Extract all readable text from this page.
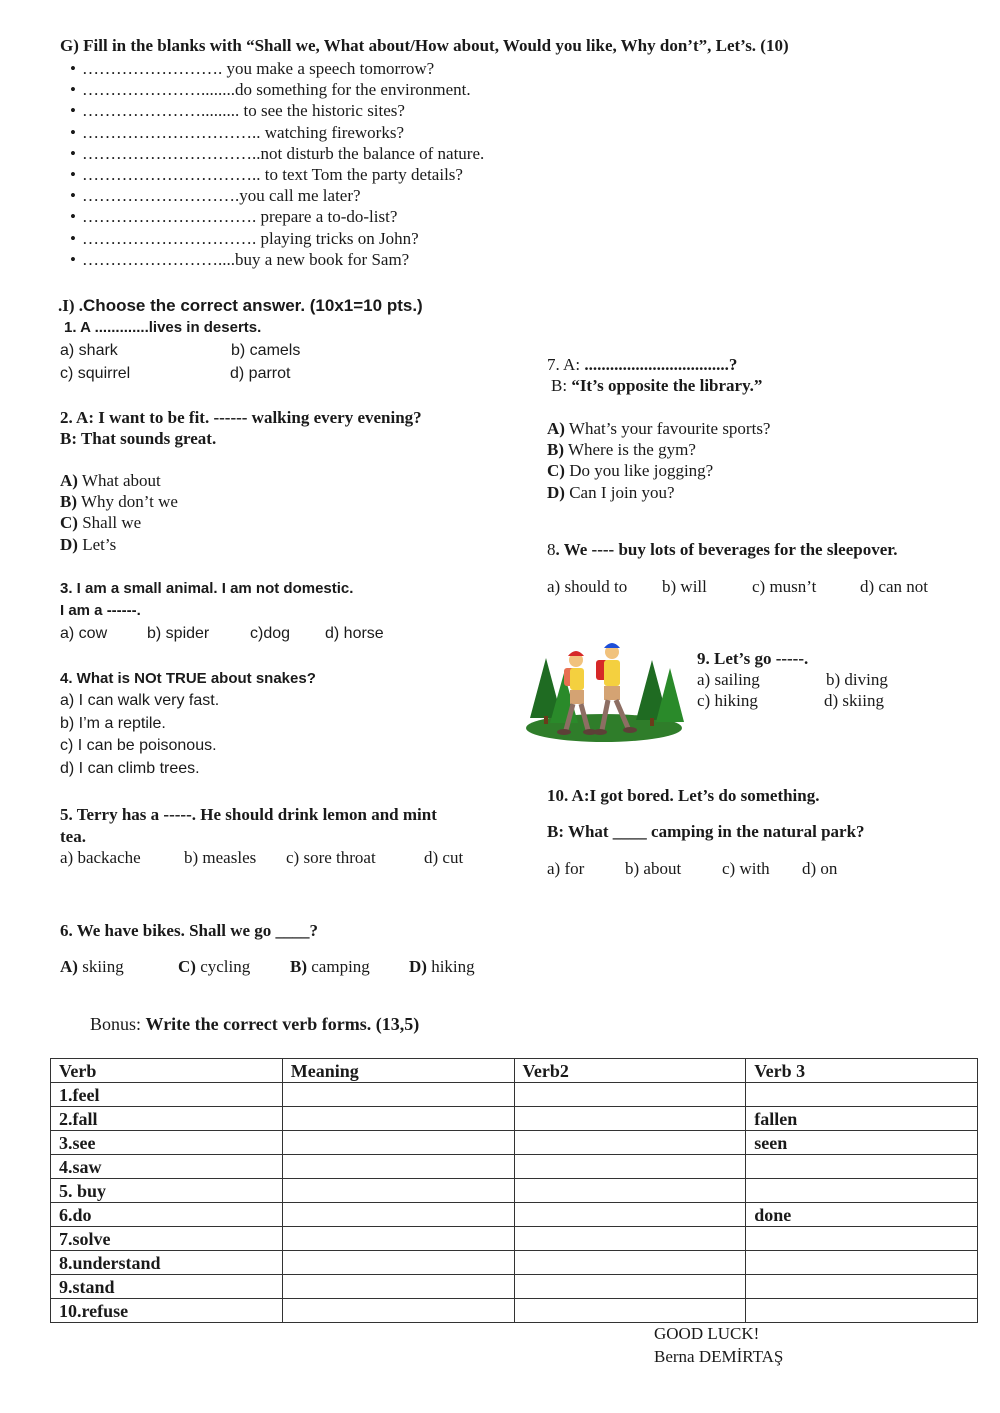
G) Fill in the blanks with “Shall we, What about/How about, Would you like, Why don’t”, Let’s. (10)
• ……………………. you make a speech tomorrow?
• …………………........do something for the environment.
• …………………......... to see the historic sites?
• ………………………….. watching fireworks?
• …………………………..not disturb the balance of nature.
• ………………………….. to text Tom the party details?
• ……………………….you call me later?
• …………………………. prepare a to-do-list?
• …………………………. playing tricks on John?
• ……………………....buy a new book for Sam?
.I) .Choose the correct answer. (10x1=10 pts.)
1. A .............lives in deserts.
a) shark	b) camels
c) squirrel	d) parrot
2. A: I want to be fit. ------ walking every evening?
B: That sounds great.
A) What about
B) Why don’t we
C) Shall we
D) Let’s
3. I am a small animal. I am not domestic.
I am a ------.
a) cow b) spider	c)dog d) horse
4. What is NOt TRUE about snakes?
a) I can walk very fast.
b) I’m a reptile.
c) I can be poisonous.
d) I can climb trees.
5. Terry has a -----. He should drink lemon and mint
tea.
a) backache	b) measles c) sore throat	d) cut
6. We have bikes. Shall we go ____?
A) skiing	C) cycling B) camping D) hiking
7. A: ..................................?
B: “It’s opposite the library.”
A) What’s your favourite sports?
B) Where is the gym?
C) Do you like jogging?
D) Can I join you?
8. We ---- buy lots of beverages for the sleepover.
a) should to b) will	c) musn’t	d) can not
9. Let’s go -----.
a) sailing	b) diving
c) hiking	d) skiing
10. A:I got bored. Let’s do something.
B: What ____ camping in the natural park?
a) for b) about c) with d) on
Bonus: Write the correct verb forms. (13,5)
Verb	Meaning	Verb2	Verb 3
1.feel			
2.fall			fallen
3.see			seen
4.saw			
5. buy			
6.do			done
7.solve			
8.understand			
9.stand			
10.refuse			
GOOD LUCK!
Berna DEMİRTAŞ
